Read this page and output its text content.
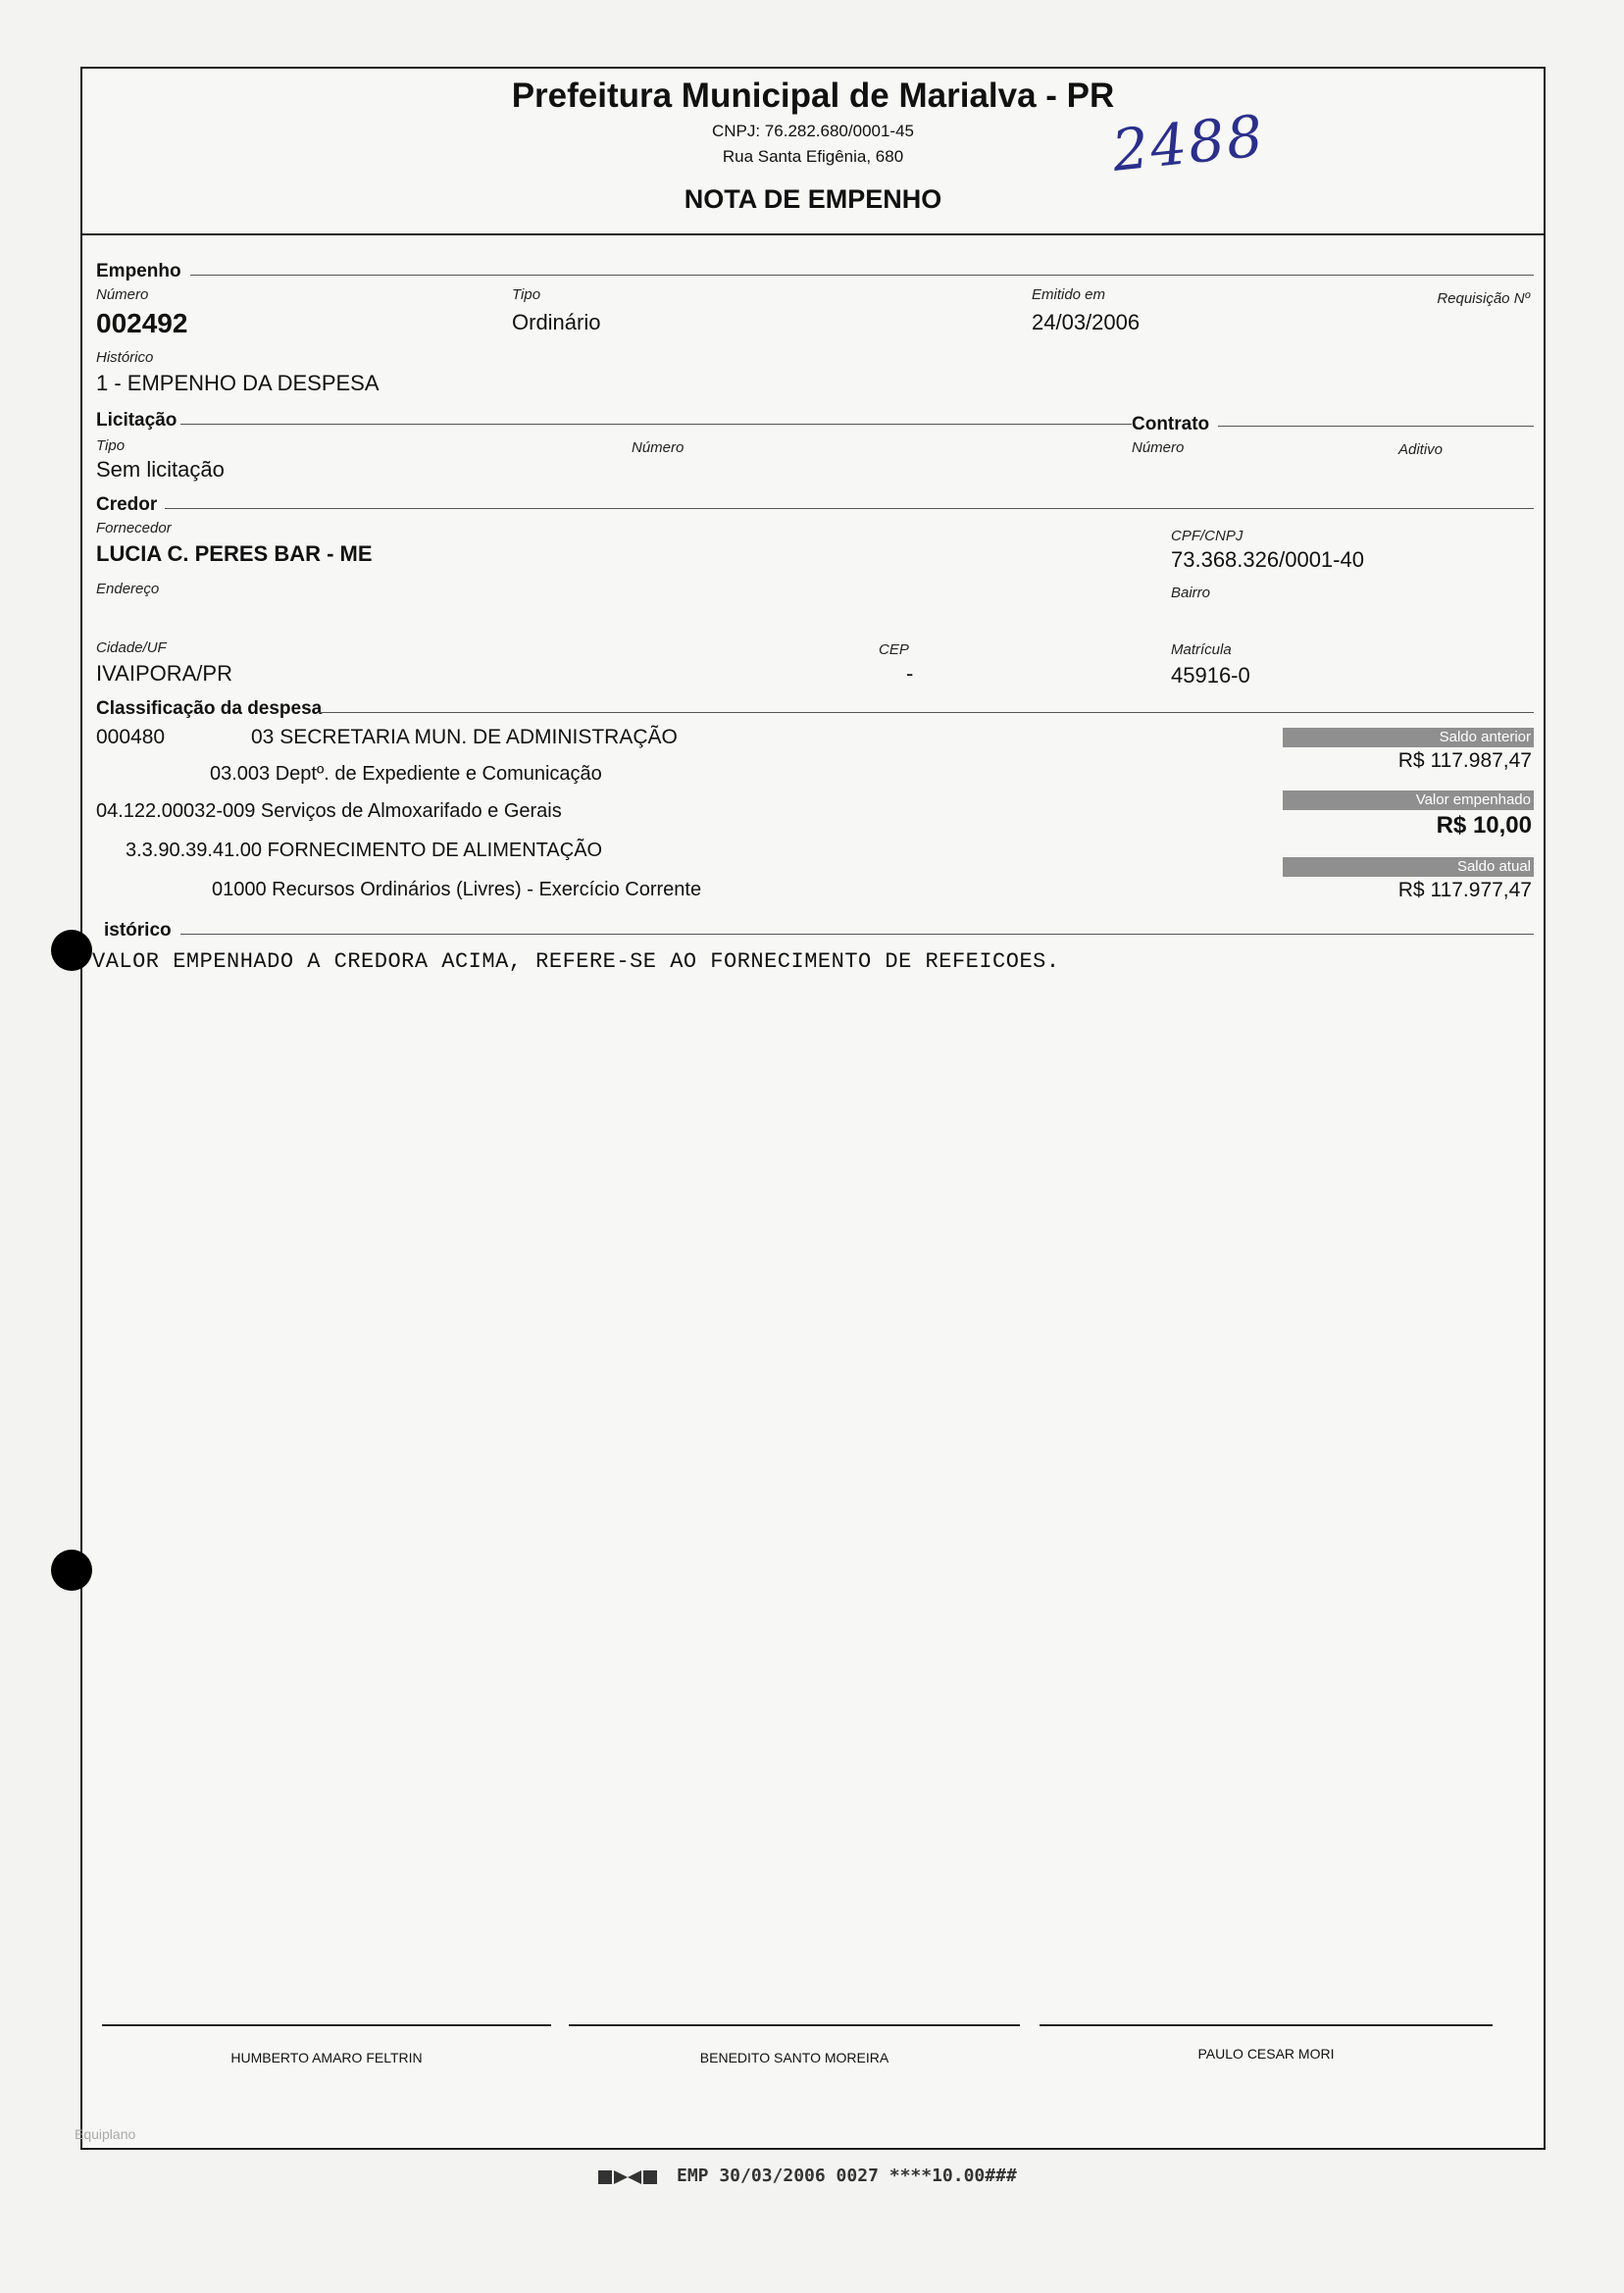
Prefeitura Municipal de Marialva - PR
CNPJ: 76.282.680/0001-45
Rua Santa Efigênia, 680
NOTA DE EMPENHO
2488
Empenho
Número
002492
Tipo
Ordinário
Emitido em
24/03/2006
Requisição Nº
Histórico
1 - EMPENHO DA DESPESA
Licitação	Contrato
Tipo
Sem licitação
Número	Número	Aditivo
Credor
Fornecedor
LUCIA C. PERES BAR - ME
CPF/CNPJ
73.368.326/0001-40
Endereço	Bairro
Cidade/UF
IVAIPORA/PR
CEP
-
Matrícula
45916-0
Classificação da despesa
000480	03 SECRETARIA MUN. DE ADMINISTRAÇÃO
03.003 Deptº. de Expediente e Comunicação
04.122.00032-009 Serviços de Almoxarifado e Gerais
3.3.90.39.41.00 FORNECIMENTO DE ALIMENTAÇÃO
01000 Recursos Ordinários (Livres) - Exercício Corrente
Saldo anterior
R$ 117.987,47
Valor empenhado
R$ 10,00
Saldo atual
R$ 117.977,47
istórico
VALOR EMPENHADO A CREDORA ACIMA, REFERE-SE AO FORNECIMENTO DE REFEICOES.
HUMBERTO AMARO FELTRIN	BENEDITO SANTO MOREIRA	PAULO CESAR MORI
Equiplano
EMP 30/03/2006 0027 ****10.00###
